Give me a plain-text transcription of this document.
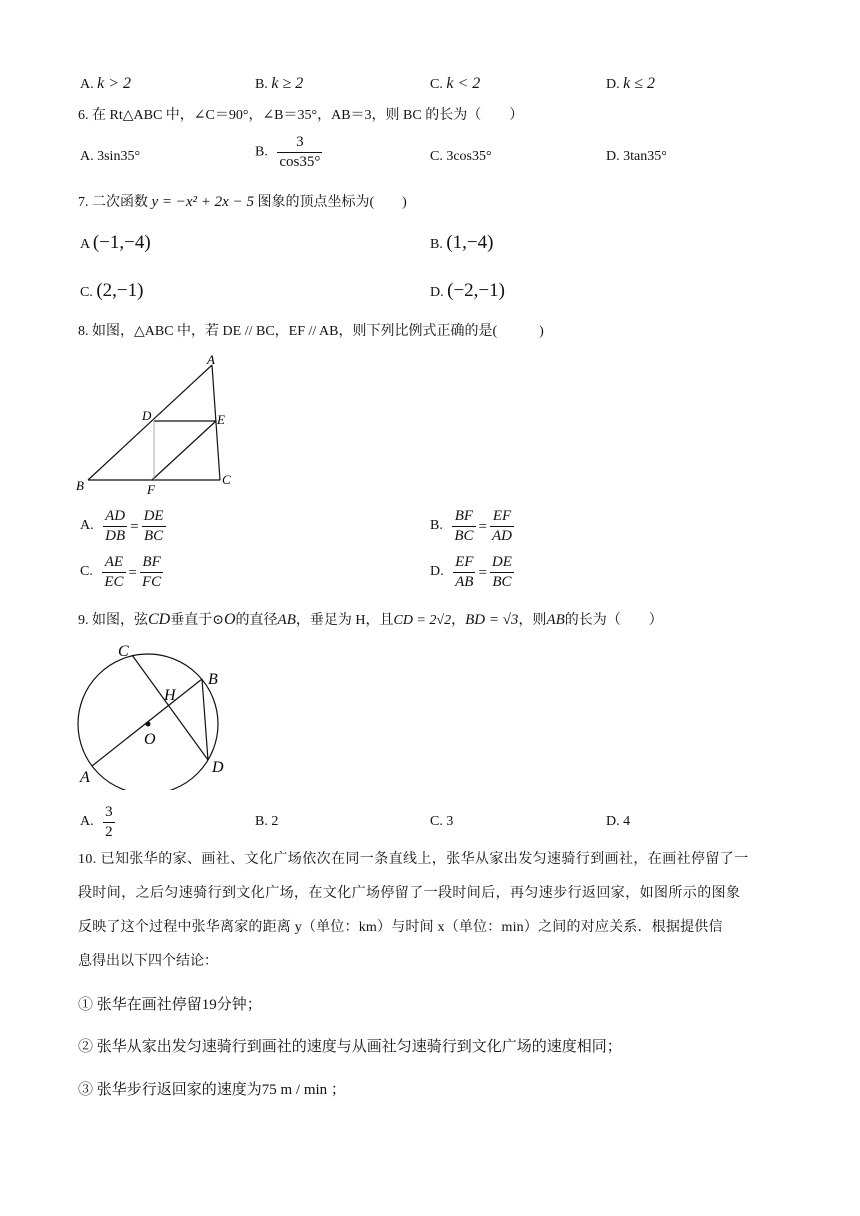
A. k > 2	B. k ≥ 2	C. k < 2	D. k ≤ 2
6. 在 Rt△ABC 中，∠C＝90°，∠B＝35°，AB＝3，则 BC 的长为（　　）
A. 3sin35°	B. $\frac{3}{\cos 35^\circ}$	C. 3cos35°	D. 3tan35°
7. 二次函数 y = −x² + 2x − 5 图象的顶点坐标为(　　)
A (−1,−4)	B. (1,−4)
C. (2,−1)	D. (−2,−1)
8. 如图，△ABC 中，若 DE // BC，EF // AB，则下列比例式正确的是(　　　)
A
B	C
D	E
F
A. $\frac{AD}{DB} = \frac{DE}{BC}$	B. $\frac{BF}{BC} = \frac{EF}{AD}$
C. $\frac{AE}{EC} = \frac{BF}{FC}$	D. $\frac{EF}{AB} = \frac{DE}{BC}$
9. 如图，弦CD垂直于⊙O的直径AB，垂足为 H，且CD = 2√2，BD = √3，则AB的长为（　　）
C
B
H
O
A
D
A. $\frac{3}{2}$	B. 2	C. 3	D. 4
10. 已知张华的家、画社、文化广场依次在同一条直线上，张华从家出发匀速骑行到画社，在画社停留了一
段时间，之后匀速骑行到文化广场，在文化广场停留了一段时间后，再匀速步行返回家，如图所示的图象
反映了这个过程中张华离家的距离 y（单位：km）与时间 x（单位：min）之间的对应关系．根据提供信
息得出以下四个结论：
① 张华在画社停留19分钟；
② 张华从家出发匀速骑行到画社的速度与从画社匀速骑行到文化广场的速度相同；
③ 张华步行返回家的速度为75 m / min ；
